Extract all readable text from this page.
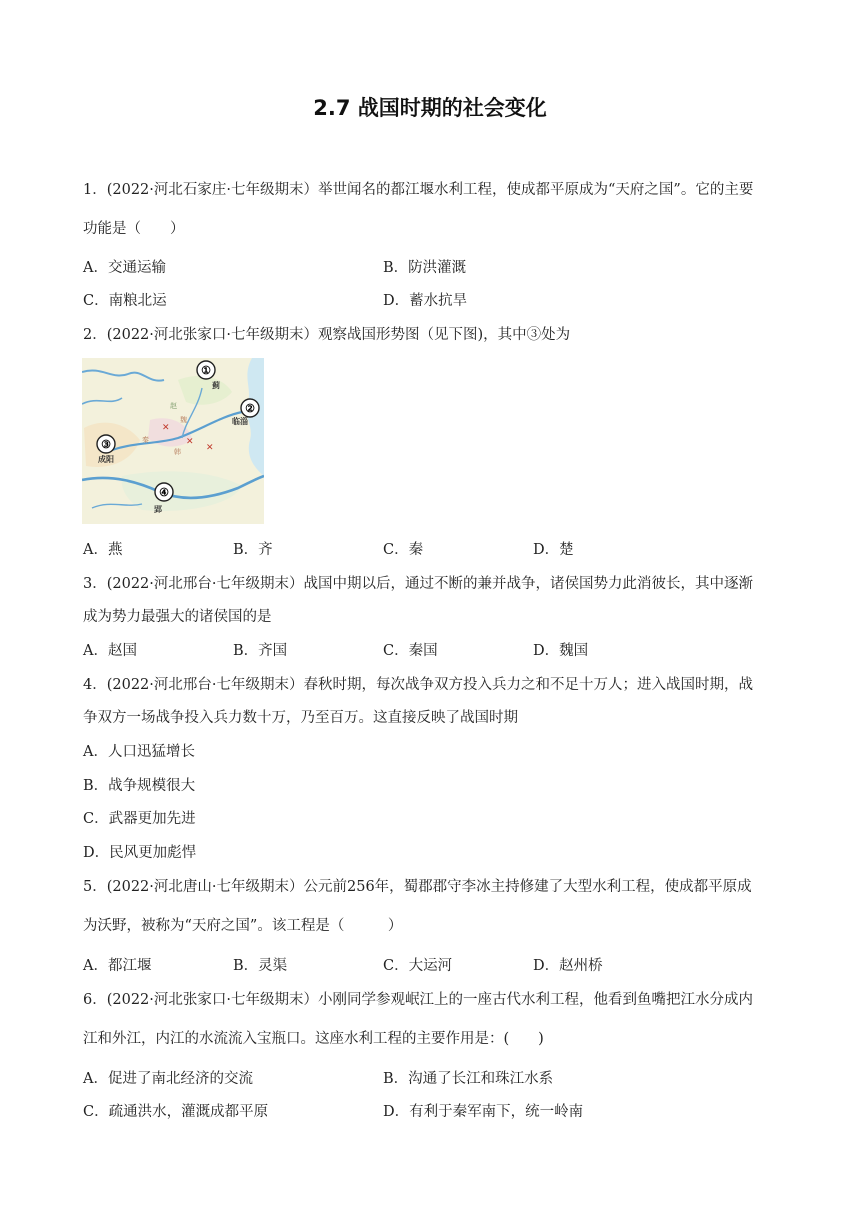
2.7 战国时期的社会变化
1．(2022·河北石家庄·七年级期末）举世闻名的都江堰水利工程，使成都平原成为“天府之国”。它的主要
功能是（　　）
A．交通运输	B．防洪灌溉
C．南粮北运	D．蓄水抗旱
2．(2022·河北张家口·七年级期末）观察战国形势图（见下图)，其中③处为
✕
✕
✕
①
②
③
④
蓟
临淄
成阳
郢
赵
秦
韩
魏
A．燕	B．齐	C．秦	D．楚
3．(2022·河北邢台·七年级期末）战国中期以后，通过不断的兼并战争，诸侯国势力此消彼长，其中逐渐
成为势力最强大的诸侯国的是
A．赵国	B．齐国	C．秦国	D．魏国
4．(2022·河北邢台·七年级期末）春秋时期，每次战争双方投入兵力之和不足十万人；进入战国时期，战
争双方一场战争投入兵力数十万，乃至百万。这直接反映了战国时期
A．人口迅猛增长
B．战争规模很大
C．武器更加先进
D．民风更加彪悍
5．(2022·河北唐山·七年级期末）公元前256年，蜀郡郡守李冰主持修建了大型水利工程，使成都平原成
为沃野，被称为“天府之国”。该工程是（　　　）
A．都江堰	B．灵渠	C．大运河	D．赵州桥
6．(2022·河北张家口·七年级期末）小刚同学参观岷江上的一座古代水利工程，他看到鱼嘴把江水分成内
江和外江，内江的水流流入宝瓶口。这座水利工程的主要作用是：(　　)
A．促进了南北经济的交流	B．沟通了长江和珠江水系
C．疏通洪水，灌溉成都平原	D．有利于秦军南下，统一岭南
